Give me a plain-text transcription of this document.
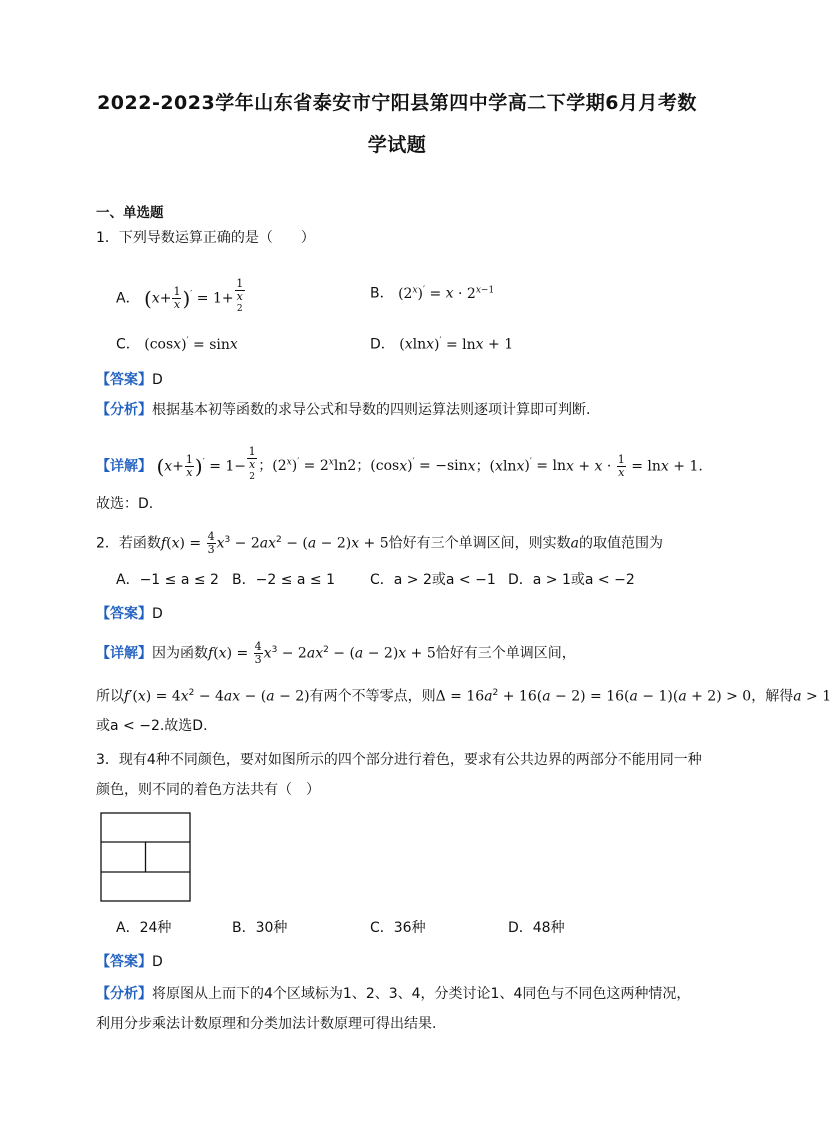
2022-2023学年山东省泰安市宁阳县第四中学高二下学期6月月考数
学试题
一、单选题
1．下列导数运算正确的是（　　）
A． $(x+ \frac{1}{x} )' = 1+ 1$
x
$^2$	B． $(2^x)' = x \cdot 2^{x-1}$
C． (cosx)′ = sinx	D． (xlnx)′ = lnx + 1
【答案】D
【分析】根据基本初等函数的求导公式和导数的四则运算法则逐项计算即可判断.
【详解】 $(x+ \frac{1}{x} )' = 1- 1$
x
$^2$ ；$(2^x)' = 2^x\ln 2$；(cosx)′ = −sinx；$(xlnx)' = \ln x + x \cdot \frac{1}{x} = \ln x + 1$.
故选：D.
2．若函数$f(x) = \frac{4}{3} x^3 - 2ax^2 - (a - 2)x + 5$恰好有三个单调区间，则实数a的取值范围为
A．−1 ≤ a ≤ 2 B．−2 ≤ a ≤ 1	C．a > 2或a < −1 D．a > 1或a < −2
【答案】D
【详解】因为函数$f(x) = \frac{4}{3} x^3 - 2ax^2 - (a - 2)x + 5$恰好有三个单调区间，
所以$f'(x) = 4x^2 - 4ax - (a - 2)$有两个不等零点，则$\Delta = 16a^2 + 16(a - 2) = 16(a - 1)(a + 2) > 0$，解得a > 1
或a < −2.故选D.
3．现有4种不同颜色，要对如图所示的四个部分进行着色，要求有公共边界的两部分不能用同一种
颜色，则不同的着色方法共有（　）
A．24种	B．30种	C．36种	D．48种
【答案】D
【分析】将原图从上而下的4个区域标为1、2、3、4，分类讨论1、4同色与不同色这两种情况，
利用分步乘法计数原理和分类加法计数原理可得出结果.
